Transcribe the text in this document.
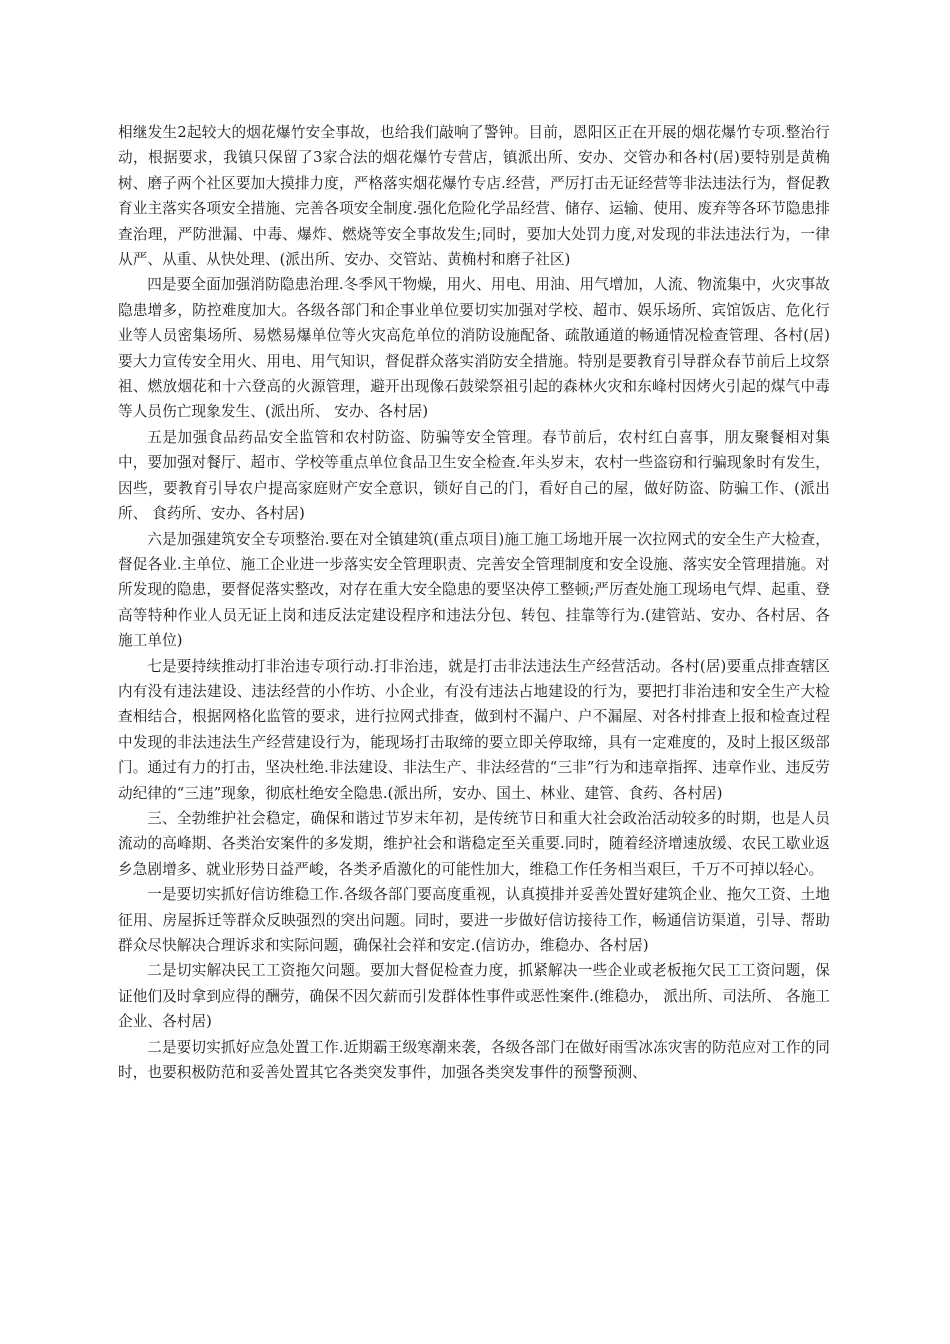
相继发生2起较大的烟花爆竹安全事故，也给我们敲响了警钟。目前，恩阳区正在开展的烟花爆竹专项.整治行动，根据要求，我镇只保留了3家合法的烟花爆竹专营店，镇派出所、安办、交管办和各村(居)要特别是黄桷树、磨子两个社区要加大摸排力度，严格落实烟花爆竹专店.经营，严厉打击无证经营等非法违法行为，督促教育业主落实各项安全措施、完善各项安全制度.强化危险化学品经营、储存、运输、使用、废弃等各环节隐患排查治理，严防泄漏、中毒、爆炸、燃烧等安全事故发生;同时，要加大处罚力度,对发现的非法违法行为，一律从严、从重、从快处理、(派出所、安办、交管站、黄桷村和磨子社区)

四是要全面加强消防隐患治理.冬季风干物燥，用火、用电、用油、用气增加，人流、物流集中，火灾事故隐患增多，防控难度加大。各级各部门和企事业单位要切实加强对学校、超市、娱乐场所、宾馆饭店、危化行业等人员密集场所、易燃易爆单位等火灾高危单位的消防设施配备、疏散通道的畅通情况检查管理、各村(居)要大力宣传安全用火、用电、用气知识，督促群众落实消防安全措施。特别是要教育引导群众春节前后上坟祭祖、燃放烟花和十六登高的火源管理，避开出现像石鼓梁祭祖引起的森林火灾和东峰村因烤火引起的煤气中毒等人员伤亡现象发生、(派出所、 安办、各村居)

五是加强食品药品安全监管和农村防盗、防骗等安全管理。春节前后，农村红白喜事，朋友聚餐相对集中，要加强对餐厅、超市、学校等重点单位食品卫生安全检查.年头岁末，农村一些盗窃和行骗现象时有发生，因些，要教育引导农户提高家庭财产安全意识，锁好自己的门，看好自己的屋，做好防盗、防骗工作、(派出所、 食药所、安办、各村居)

六是加强建筑安全专项整治.要在对全镇建筑(重点项目)施工施工场地开展一次拉网式的安全生产大检查，督促各业.主单位、施工企业进一步落实安全管理职责、完善安全管理制度和安全设施、落实安全管理措施。对所发现的隐患，要督促落实整改，对存在重大安全隐患的要坚决停工整顿;严厉查处施工现场电气焊、起重、登高等特种作业人员无证上岗和违反法定建设程序和违法分包、转包、挂靠等行为.(建管站、安办、各村居、各施工单位)

七是要持续推动打非治违专项行动.打非治违，就是打击非法违法生产经营活动。各村(居)要重点排查辖区内有没有违法建设、违法经营的小作坊、小企业，有没有违法占地建设的行为，要把打非治违和安全生产大检查相结合，根据网格化监管的要求，进行拉网式排查，做到村不漏户、户不漏屋、对各村排查上报和检查过程中发现的非法违法生产经营建设行为，能现场打击取缔的要立即关停取缔，具有一定难度的，及时上报区级部门。通过有力的打击，坚决杜绝.非法建设、非法生产、非法经营的“三非”行为和违章指挥、违章作业、违反劳动纪律的“三违”现象，彻底杜绝安全隐患.(派出所，安办、国土、林业、建管、食药、各村居)

三、全勃维护社会稳定，确保和谐过节岁末年初，是传统节日和重大社会政治活动较多的时期，也是人员流动的高峰期、各类治安案件的多发期，维护社会和谐稳定至关重要.同时，随着经济增速放缓、农民工歇业返乡急剧增多、就业形势日益严峻，各类矛盾激化的可能性加大，维稳工作任务相当艰巨，千万不可掉以轻心。

一是要切实抓好信访维稳工作.各级各部门要高度重视，认真摸排并妥善处置好建筑企业、拖欠工资、土地征用、房屋拆迁等群众反映强烈的突出问题。同时，要进一步做好信访接待工作，畅通信访渠道，引导、帮助群众尽快解决合理诉求和实际问题，确保社会祥和安定.(信访办，维稳办、各村居)

二是切实解决民工工资拖欠问题。要加大督促检查力度，抓紧解决一些企业或老板拖欠民工工资问题，保证他们及时拿到应得的酬劳，确保不因欠薪而引发群体性事件或恶性案件.(维稳办， 派出所、司法所、 各施工企业、各村居)

二是要切实抓好应急处置工作.近期霸王级寒潮来袭，各级各部门在做好雨雪冰冻灾害的防范应对工作的同时，也要积极防范和妥善处置其它各类突发事件，加强各类突发事件的预警预测、
